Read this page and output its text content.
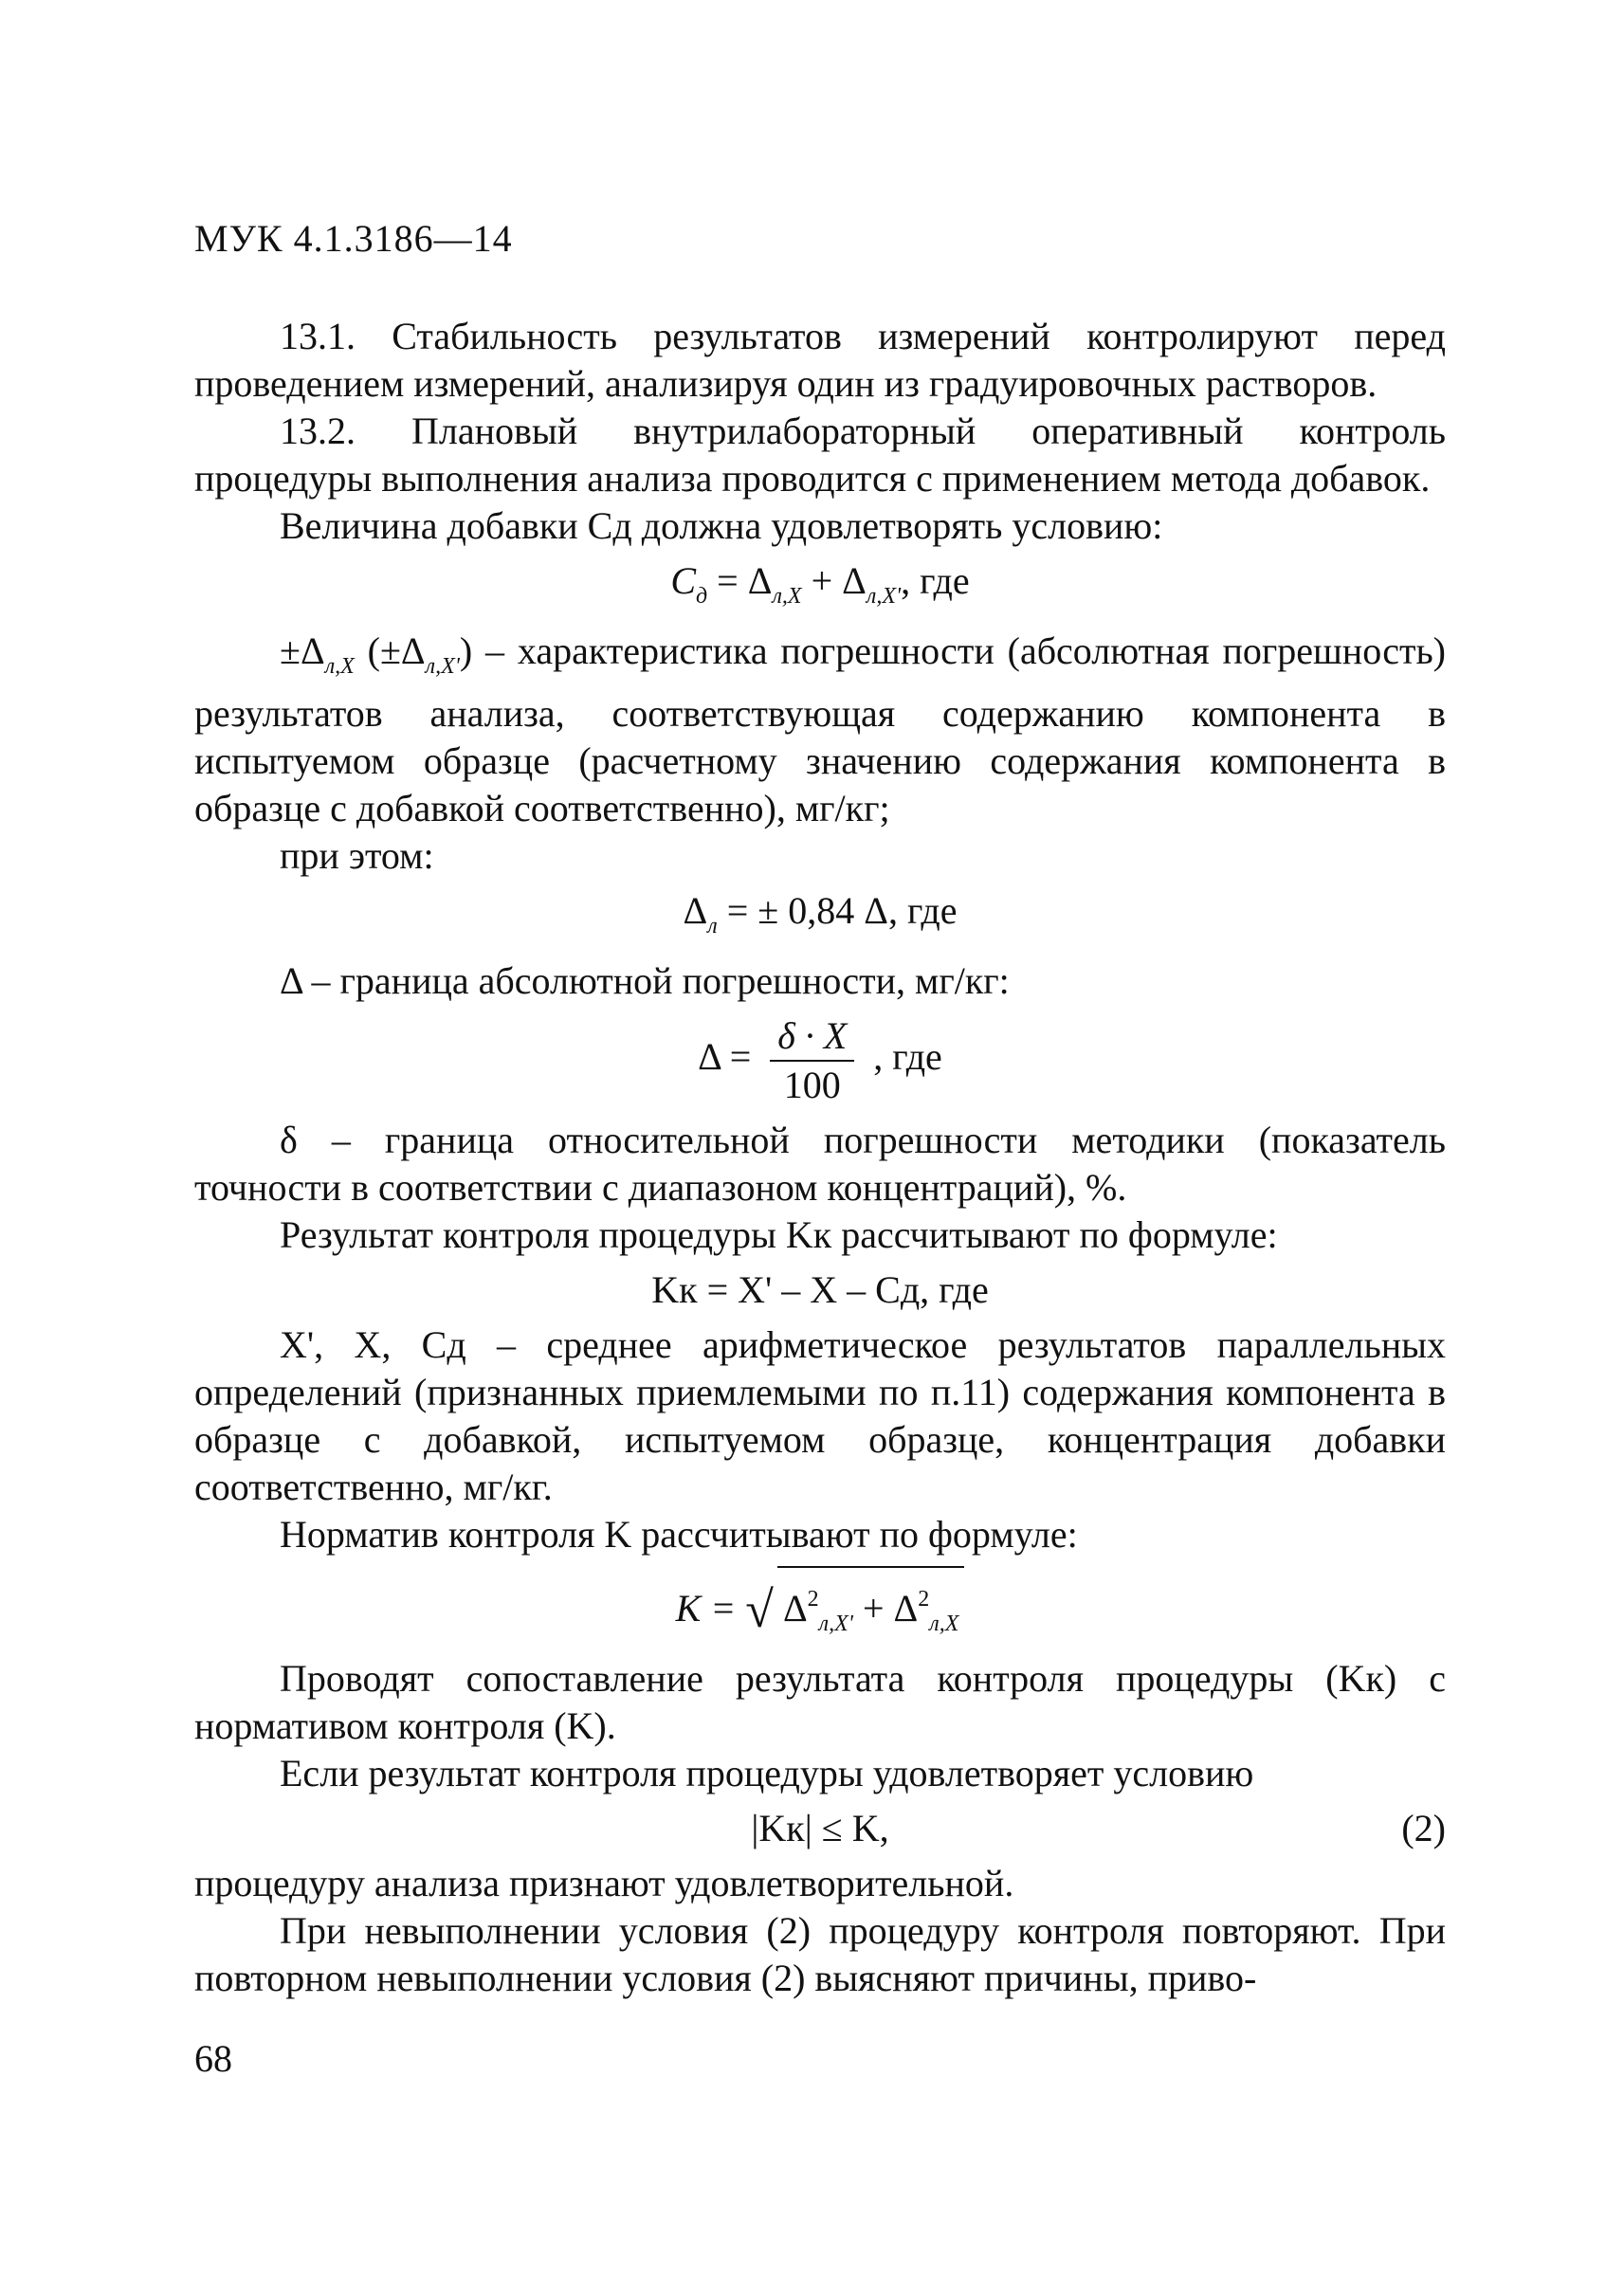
МУК 4.1.3186—14

13.1. Стабильность результатов измерений контролируют перед проведением измерений, анализируя один из градуировочных растворов.

13.2. Плановый внутрилабораторный оперативный контроль процедуры выполнения анализа проводится с применением метода добавок.

Величина добавки Cд должна удовлетворять условию:

$C_д = \Delta_{л,X} + \Delta_{л,X'}$, где

$\pm\Delta_{л,X}$ $(\pm\Delta_{л,X'})$ – характеристика погрешности (абсолютная погрешность) результатов анализа, соответствующая содержанию компонента в испытуемом образце (расчетному значению содержания компонента в образце с добавкой соответственно), мг/кг;

при этом:

$\Delta_л$ = ± 0,84 Δ, где

Δ – граница абсолютной погрешности, мг/кг:

$\Delta = \frac{\delta \cdot X}{100}$ , где

δ – граница относительной погрешности методики (показатель точности в соответствии с диапазоном концентраций), %.

Результат контроля процедуры Kк рассчитывают по формуле:

Kк = X' – X – Cд, где

X', X, Cд – среднее арифметическое результатов параллельных определений (признанных приемлемыми по п.11) содержания компонента в образце с добавкой, испытуемом образце, концентрация добавки соответственно, мг/кг.

Норматив контроля K рассчитывают по формуле:

K = √ $\Delta^2_{л,X'} + \Delta^2_{л,X}$

Проводят сопоставление результата контроля процедуры (Kк) с нормативом контроля (K).

Если результат контроля процедуры удовлетворяет условию

|Kк| ≤ K,	(2)

процедуру анализа признают удовлетворительной.

При невыполнении условия (2) процедуру контроля повторяют. При повторном невыполнении условия (2) выясняют причины, приво-

68
